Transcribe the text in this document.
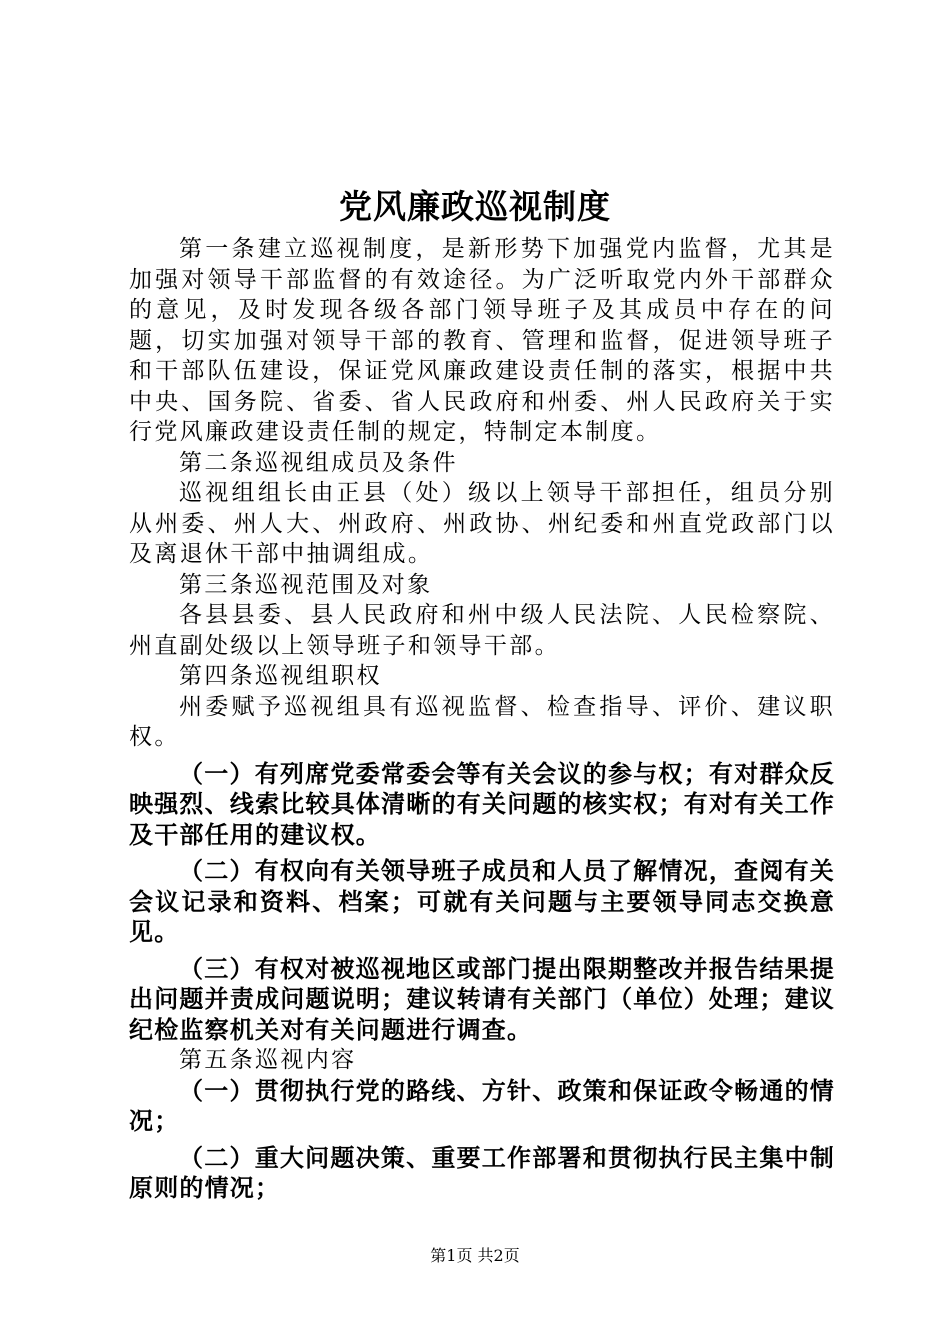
党风廉政巡视制度

第一条建立巡视制度，是新形势下加强党内监督，尤其是加强对领导干部监督的有效途径。为广泛听取党内外干部群众的意见，及时发现各级各部门领导班子及其成员中存在的问题，切实加强对领导干部的教育、管理和监督，促进领导班子和干部队伍建设，保证党风廉政建设责任制的落实，根据中共中央、国务院、省委、省人民政府和州委、州人民政府关于实行党风廉政建设责任制的规定，特制定本制度。

第二条巡视组成员及条件

巡视组组长由正县（处）级以上领导干部担任，组员分别从州委、州人大、州政府、州政协、州纪委和州直党政部门以及离退休干部中抽调组成。

第三条巡视范围及对象

各县县委、县人民政府和州中级人民法院、人民检察院、州直副处级以上领导班子和领导干部。

第四条巡视组职权

州委赋予巡视组具有巡视监督、检查指导、评价、建议职权。

（一）有列席党委常委会等有关会议的参与权；有对群众反映强烈、线索比较具体清晰的有关问题的核实权；有对有关工作及干部任用的建议权。

（二）有权向有关领导班子成员和人员了解情况，查阅有关会议记录和资料、档案；可就有关问题与主要领导同志交换意见。

（三）有权对被巡视地区或部门提出限期整改并报告结果提出问题并责成问题说明；建议转请有关部门（单位）处理；建议纪检监察机关对有关问题进行调查。

第五条巡视内容

（一）贯彻执行党的路线、方针、政策和保证政令畅通的情况；

（二）重大问题决策、重要工作部署和贯彻执行民主集中制原则的情况；

第1页 共2页
